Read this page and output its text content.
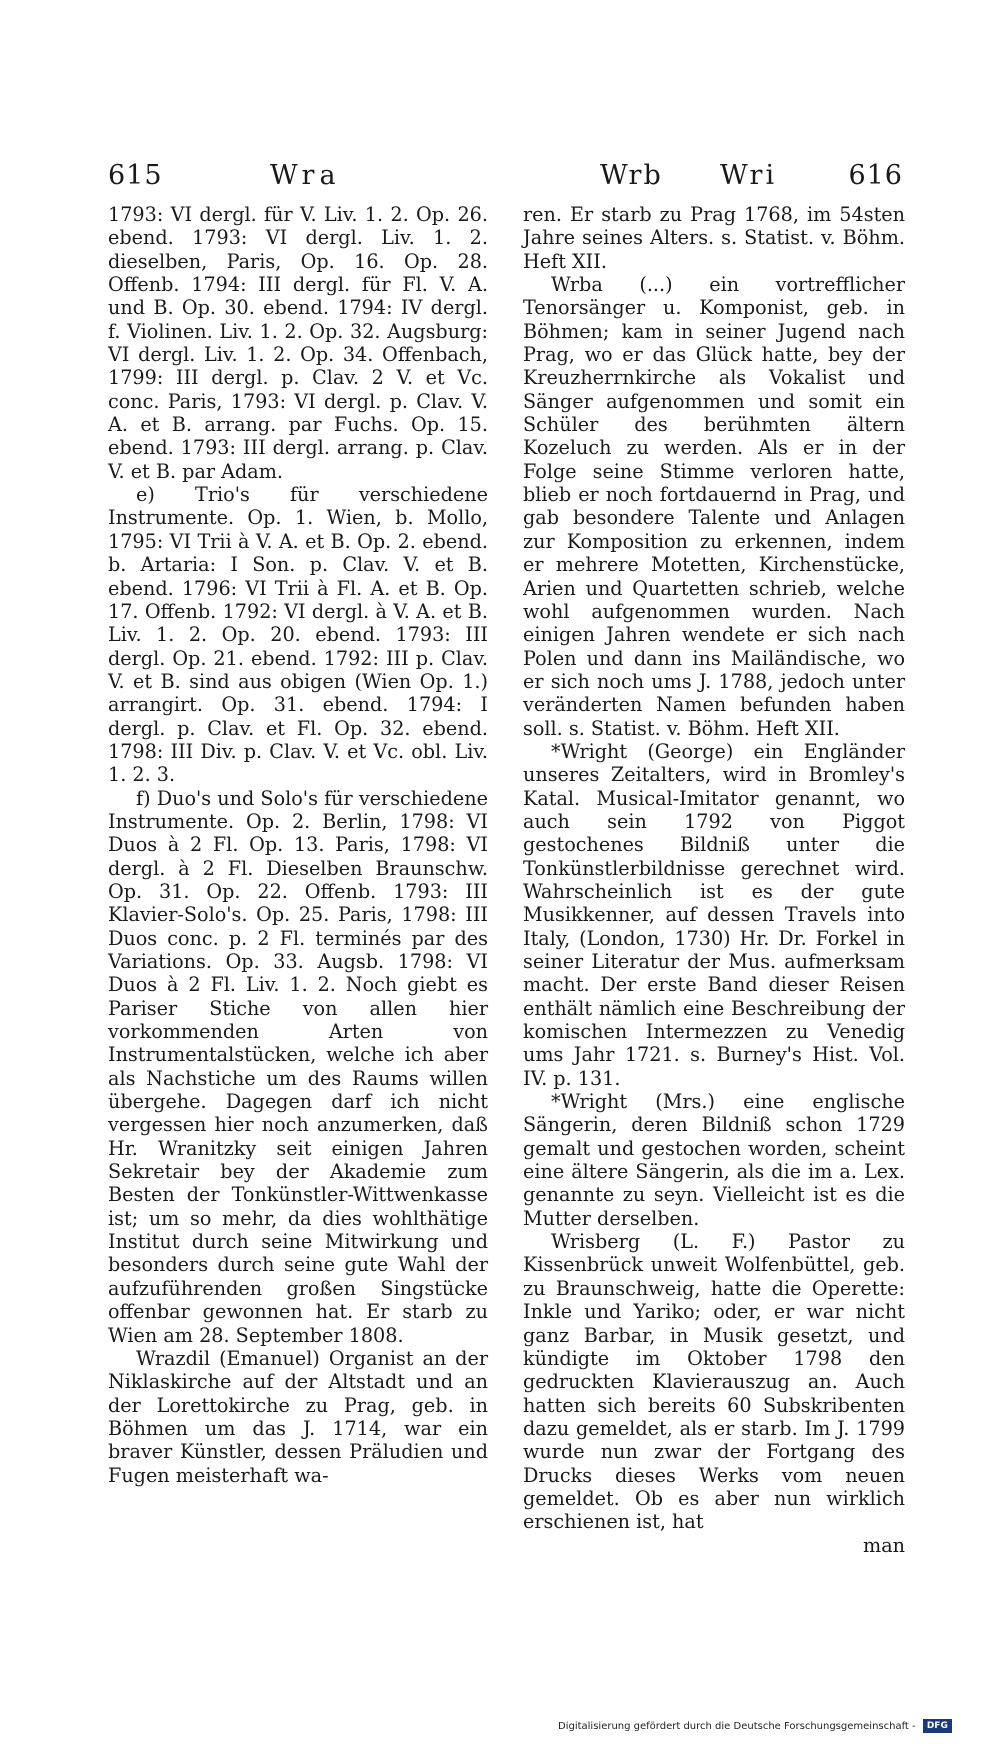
615	Wra	Wrb Wri	616

1793: VI dergl. für V. Liv. 1. 2. Op. 26. ebend. 1793: VI dergl. Liv. 1. 2. dieselben, Paris, Op. 16. Op. 28. Offenb. 1794: III dergl. für Fl. V. A. und B. Op. 30. ebend. 1794: IV dergl. f. Violinen. Liv. 1. 2. Op. 32. Augsburg: VI dergl. Liv. 1. 2. Op. 34. Offenbach, 1799: III dergl. p. Clav. 2 V. et Vc. conc. Paris, 1793: VI dergl. p. Clav. V. A. et B. arrang. par Fuchs. Op. 15. ebend. 1793: III dergl. arrang. p. Clav. V. et B. par Adam.

e) Trio's für verschiedene Instrumente. Op. 1. Wien, b. Mollo, 1795: VI Trii à V. A. et B. Op. 2. ebend. b. Artaria: I Son. p. Clav. V. et B. ebend. 1796: VI Trii à Fl. A. et B. Op. 17. Offenb. 1792: VI dergl. à V. A. et B. Liv. 1. 2. Op. 20. ebend. 1793: III dergl. Op. 21. ebend. 1792: III p. Clav. V. et B. sind aus obigen (Wien Op. 1.) arrangirt. Op. 31. ebend. 1794: I dergl. p. Clav. et Fl. Op. 32. ebend. 1798: III Div. p. Clav. V. et Vc. obl. Liv. 1. 2. 3.

f) Duo's und Solo's für verschiedene Instrumente. Op. 2. Berlin, 1798: VI Duos à 2 Fl. Op. 13. Paris, 1798: VI dergl. à 2 Fl. Dieselben Braunschw. Op. 31. Op. 22. Offenb. 1793: III Klavier-Solo's. Op. 25. Paris, 1798: III Duos conc. p. 2 Fl. terminés par des Variations. Op. 33. Augsb. 1798: VI Duos à 2 Fl. Liv. 1. 2. Noch giebt es Pariser Stiche von allen hier vorkommenden Arten von Instrumentalstücken, welche ich aber als Nachstiche um des Raums willen übergehe. Dagegen darf ich nicht vergessen hier noch anzumerken, daß Hr. Wranitzky seit einigen Jahren Sekretair bey der Akademie zum Besten der Tonkünstler-Wittwenkasse ist; um so mehr, da dies wohlthätige Institut durch seine Mitwirkung und besonders durch seine gute Wahl der aufzuführenden großen Singstücke offenbar gewonnen hat. Er starb zu Wien am 28. September 1808.

Wrazdil (Emanuel) Organist an der Niklaskirche auf der Altstadt und an der Lorettokirche zu Prag, geb. in Böhmen um das J. 1714, war ein braver Künstler, dessen Präludien und Fugen meisterhaft wa-

ren. Er starb zu Prag 1768, im 54sten Jahre seines Alters. s. Statist. v. Böhm. Heft XII.

Wrba (...) ein vortrefflicher Tenorsänger u. Komponist, geb. in Böhmen; kam in seiner Jugend nach Prag, wo er das Glück hatte, bey der Kreuzherrnkirche als Vokalist und Sänger aufgenommen und somit ein Schüler des berühmten ältern Kozeluch zu werden. Als er in der Folge seine Stimme verloren hatte, blieb er noch fortdauernd in Prag, und gab besondere Talente und Anlagen zur Komposition zu erkennen, indem er mehrere Motetten, Kirchenstücke, Arien und Quartetten schrieb, welche wohl aufgenommen wurden. Nach einigen Jahren wendete er sich nach Polen und dann ins Mailändische, wo er sich noch ums J. 1788, jedoch unter veränderten Namen befunden haben soll. s. Statist. v. Böhm. Heft XII.

*Wright (George) ein Engländer unseres Zeitalters, wird in Bromley's Katal. Musical-Imitator genannt, wo auch sein 1792 von Piggot gestochenes Bildniß unter die Tonkünstlerbildnisse gerechnet wird. Wahrscheinlich ist es der gute Musikkenner, auf dessen Travels into Italy, (London, 1730) Hr. Dr. Forkel in seiner Literatur der Mus. aufmerksam macht. Der erste Band dieser Reisen enthält nämlich eine Beschreibung der komischen Intermezzen zu Venedig ums Jahr 1721. s. Burney's Hist. Vol. IV. p. 131.

*Wright (Mrs.) eine englische Sängerin, deren Bildniß schon 1729 gemalt und gestochen worden, scheint eine ältere Sängerin, als die im a. Lex. genannte zu seyn. Vielleicht ist es die Mutter derselben.

Wrisberg (L. F.) Pastor zu Kissenbrück unweit Wolfenbüttel, geb. zu Braunschweig, hatte die Operette: Inkle und Yariko; oder, er war nicht ganz Barbar, in Musik gesetzt, und kündigte im Oktober 1798 den gedruckten Klavierauszug an. Auch hatten sich bereits 60 Subskribenten dazu gemeldet, als er starb. Im J. 1799 wurde nun zwar der Fortgang des Drucks dieses Werks vom neuen gemeldet. Ob es aber nun wirklich erschienen ist, hat

man

Digitalisierung gefördert durch die Deutsche Forschungsgemeinschaft - DFG
